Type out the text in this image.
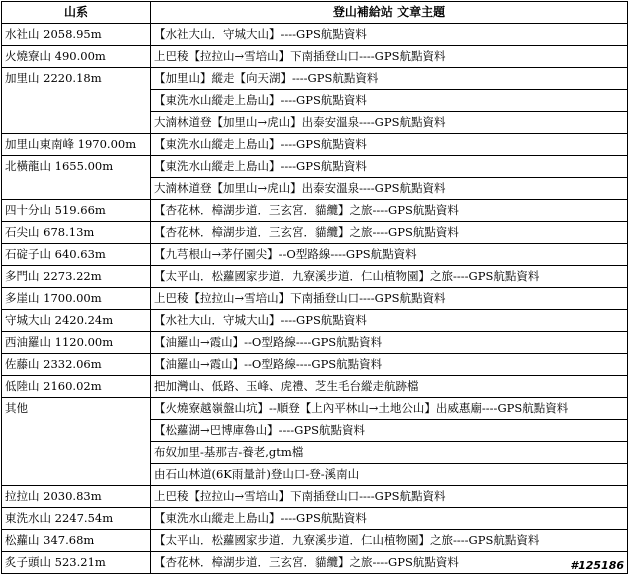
山系	登山補給站 文章主題
水社山 2058.95m	【水社大山．守城大山】----GPS航點資料
火燒寮山 490.00m	上巴稜【拉拉山→雪培山】下南插登山口----GPS航點資料
加里山 2220.18m	【加里山】縱走【向天湖】----GPS航點資料
	【東洗水山縱走上島山】----GPS航點資料
	大湳林道登【加里山→虎山】出泰安溫泉----GPS航點資料
加里山東南峰 1970.00m	【東洗水山縱走上島山】----GPS航點資料
北橫龍山 1655.00m	【東洗水山縱走上島山】----GPS航點資料
	大湳林道登【加里山→虎山】出泰安溫泉----GPS航點資料
四十分山 519.66m	【杏花林．樟湖步道．三玄宮．貓纜】之旅----GPS航點資料
石尖山 678.13m	【杏花林．樟湖步道．三玄宮．貓纜】之旅----GPS航點資料
石碇子山 640.63m	【九芎根山→茅仔園尖】--O型路線----GPS航點資料
多門山 2273.22m	【太平山．松蘿國家步道．九寮溪步道．仁山植物園】之旅----GPS航點資料
多崖山 1700.00m	上巴稜【拉拉山→雪培山】下南插登山口----GPS航點資料
守城大山 2420.24m	【水社大山．守城大山】----GPS航點資料
西油羅山 1120.00m	【油羅山→霞山】--O型路線----GPS航點資料
佐藤山 2332.06m	【油羅山→霞山】--O型路線----GPS航點資料
低陸山 2160.02m	把加灣山、低路、玉峰、虎禮、芝生毛台縱走航跡檔
其他	【火燒寮越嶺盤山坑】--順登【上內平林山→土地公山】出威惠廟----GPS航點資料
	【松蘿湖→巴博庫魯山】----GPS航點資料
	布奴加里-基那吉-養老,gtm檔
	由石山林道(6K雨量計)登山口-登-溪南山
拉拉山 2030.83m	上巴稜【拉拉山→雪培山】下南插登山口----GPS航點資料
東洗水山 2247.54m	【東洗水山縱走上島山】----GPS航點資料
松蘿山 347.68m	【太平山．松蘿國家步道．九寮溪步道．仁山植物園】之旅----GPS航點資料
炙子頭山 523.21m	【杏花林．樟湖步道．三玄宮．貓纜】之旅----GPS航點資料	#125186
